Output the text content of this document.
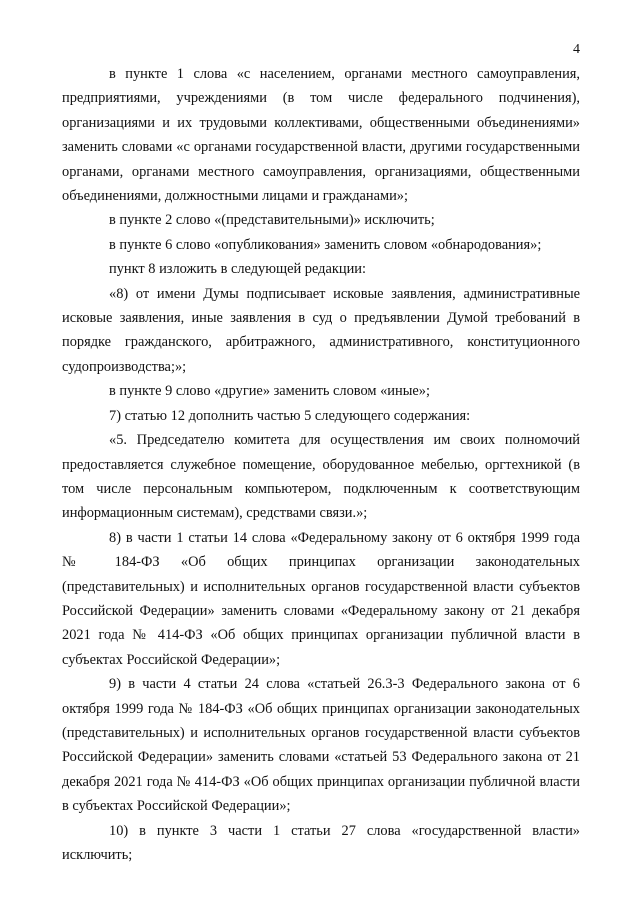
4

в пункте 1 слова «с населением, органами местного самоуправления, предприятиями, учреждениями (в том числе федерального подчинения), организациями и их трудовыми коллективами, общественными объединениями» заменить словами «с органами государственной власти, другими государственными органами, органами местного самоуправления, организациями, общественными объединениями, должностными лицами и гражданами»;

в пункте 2 слово «(представительными)» исключить;

в пункте 6 слово «опубликования» заменить словом «обнародования»;

пункт 8 изложить в следующей редакции:

«8) от имени Думы подписывает исковые заявления, административные исковые заявления, иные заявления в суд о предъявлении Думой требований в порядке гражданского, арбитражного, административного, конституционного судопроизводства;»;

в пункте 9 слово «другие» заменить словом «иные»;

7) статью 12 дополнить частью 5 следующего содержания:

«5. Председателю комитета для осуществления им своих полномочий предоставляется служебное помещение, оборудованное мебелью, оргтехникой (в том числе персональным компьютером, подключенным к соответствующим информационным системам), средствами связи.»;

8) в части 1 статьи 14 слова «Федеральному закону от 6 октября 1999 года № 184-ФЗ «Об общих принципах организации законодательных (представительных) и исполнительных органов государственной власти субъектов Российской Федерации» заменить словами «Федеральному закону от 21 декабря 2021 года № 414-ФЗ «Об общих принципах организации публичной власти в субъектах Российской Федерации»;

9) в части 4 статьи 24 слова «статьей 26.3-3 Федерального закона от 6 октября 1999 года № 184-ФЗ «Об общих принципах организации законодательных (представительных) и исполнительных органов государственной власти субъектов Российской Федерации» заменить словами «статьей 53 Федерального закона от 21 декабря 2021 года № 414-ФЗ «Об общих принципах организации публичной власти в субъектах Российской Федерации»;

10) в пункте 3 части 1 статьи 27 слова «государственной власти» исключить;
